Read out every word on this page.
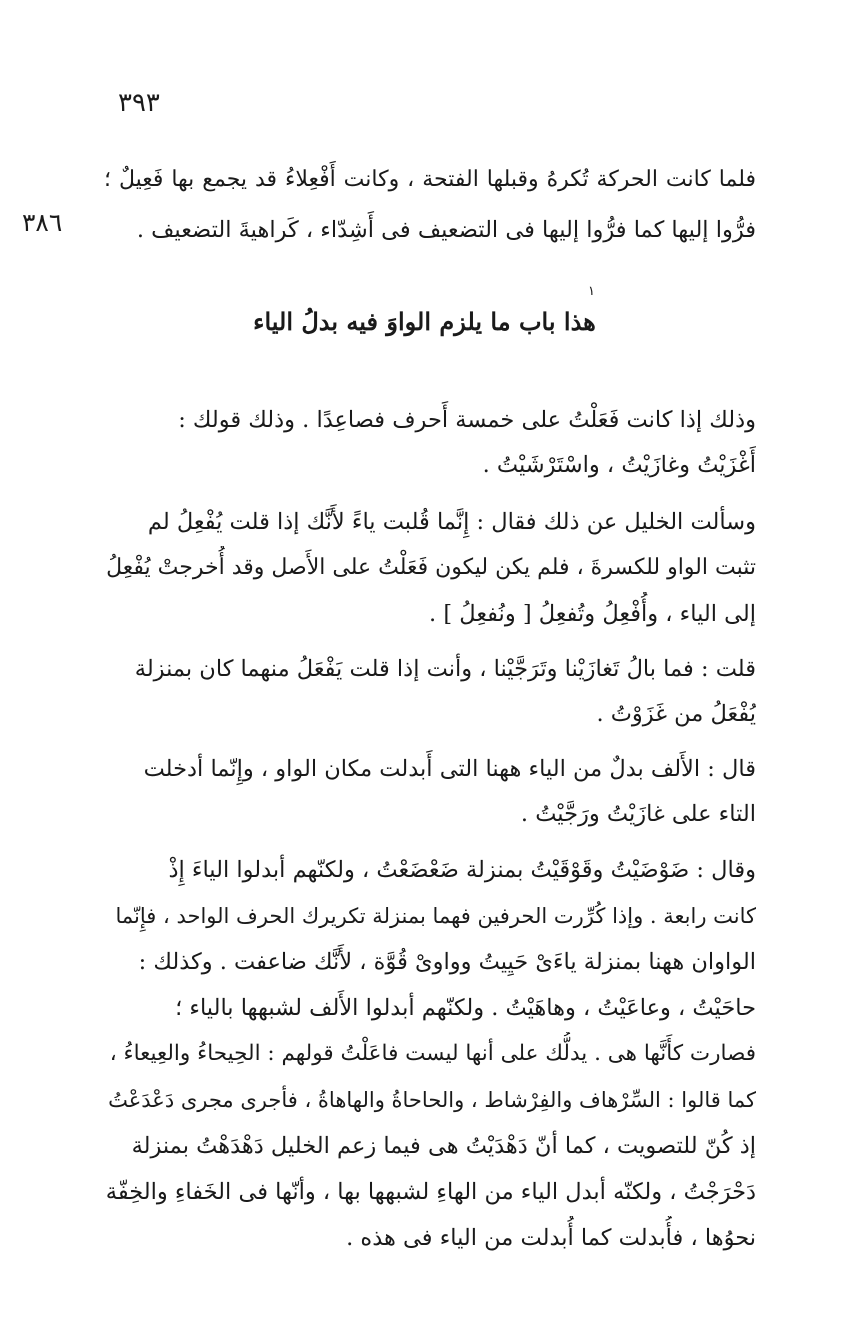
٣٩٣
٣٨٦
فلما كانت الحركة تُكرهُ وقبلها الفتحة ، وكانت أَفْعِلاءُ قد يجمع بها فَعِيلٌ ؛
فرُّوا إليها كما فرُّوا إليها فى التضعيف فى أَشِدّاء ، كَراهيةَ التضعيف .
١
هذا باب ما يلزم الواوَ فيه بدلُ الياء
وذلك إذا كانت فَعَلْتُ على خمسة أَحرف فصاعِدًا . وذلك قولك :
أَغْزَيْتُ وغازَيْتُ ، واسْتَرْشَيْتُ .
وسألت الخليل عن ذلك فقال : إِنَّما قُلبت ياءً لأَنَّك إذا قلت يُفْعِلُ لم
تثبت الواو للكسرةَ ، فلم يكن ليكون فَعَلْتُ على الأَصل وقد أُخرجتْ يُفْعِلُ
إلى الياء ، وأُفْعِلُ وتُفعِلُ [ ونُفعِلُ ] .
قلت : فما بالُ تَغازَيْنا وتَرَجَّيْنا ، وأنت إذا قلت يَفْعَلُ منهما كان بمنزلة
يُفْعَلُ من غَزَوْتُ .
قال : الأَلف بدلٌ من الياء ههنا التى أَبدلت مكان الواو ، وإِنّما أدخلت
التاء على غازَيْتُ ورَجَّيْتُ .
وقال : ضَوْضَيْتُ وقَوْقَيْتُ بمنزلة ضَعْضَعْتُ ، ولكنّهم أبدلوا الياءَ إِذْ
كانت رابعة . وإذا كُرِّرت الحرفين فهما بمنزلة تكريرك الحرف الواحد ، فإِنّما
الواوان ههنا بمنزلة ياءَىْ حَيِيتُ وواوىْ قُوَّة ، لأَنَّك ضاعفت . وكذلك :
حاحَيْتُ ، وعاعَيْتُ ، وهاهَيْتُ . ولكنّهم أبدلوا الأَلف لشبهها بالياء ؛
فصارت كأَنَّها هى . يدلُّك على أنها ليست فاعَلْتُ قولهم : الحِيحاءُ والعِيعاءُ ،
كما قالوا : السِّرْهاف والفِرْشاط ، والحاحاةُ والهاهاةُ ، فأجرى مجرى دَعْدَعْتُ
إذ كُنّ للتصويت ، كما أنّ دَهْدَيْتُ هى فيما زعم الخليل دَهْدَهْتُ بمنزلة
دَحْرَجْتُ ، ولكنّه أبدل الياء من الهاءِ لشبهها بها ، وأنّها فى الخَفاءِ والخِفّة
نحوُها ، فأُبدلت كما أُبدلت من الياء فى هذه .
